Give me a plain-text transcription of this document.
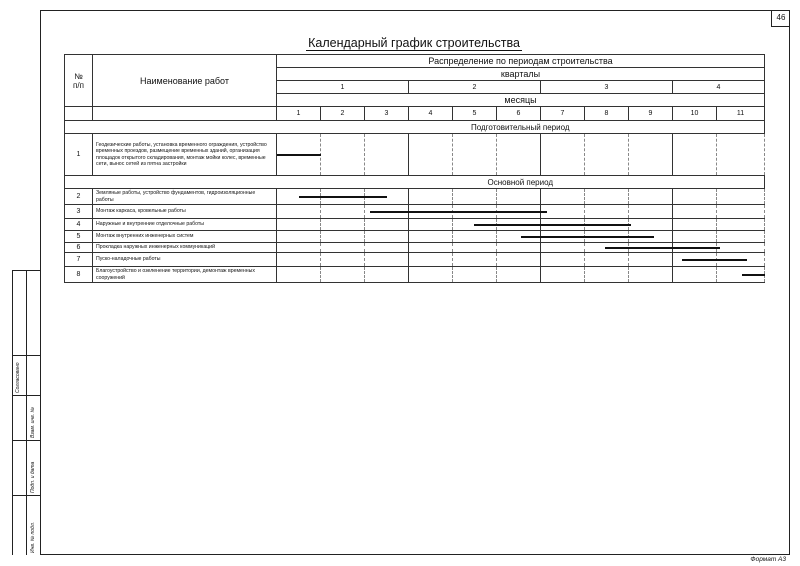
46
Согласовано
Взам. инв. №
Подп. и дата
Инв. № подл.
Календарный график строительства
№ п/п	Наименование работ	Распределение по периодам строительства										
		кварталы										
		1			2			3			4	
		месяцы										
		1	2	3	4	5	6	7	8	9	10	11
		Подготовительный период										
1	Геодезические работы, установка временного ограждения, устройство временных проездов, размещение временных зданий, организация площадок открытого складирования, монтаж мойки колес, временные сети, вынос сетей из пятна застройки											
		Основной период										
2	Земляные работы, устройство фундаментов, гидроизоляционные работы											
3	Монтаж каркаса, кровельные работы											
4	Наружные и внутренние отделочные работы											
5	Монтаж внутренних инженерных систем											
6	Прокладка наружных инженерных коммуникаций											
7	Пуско-наладочные работы											
8	Благоустройство и озеленение территории, демонтаж временных сооружений											
Формат А3
